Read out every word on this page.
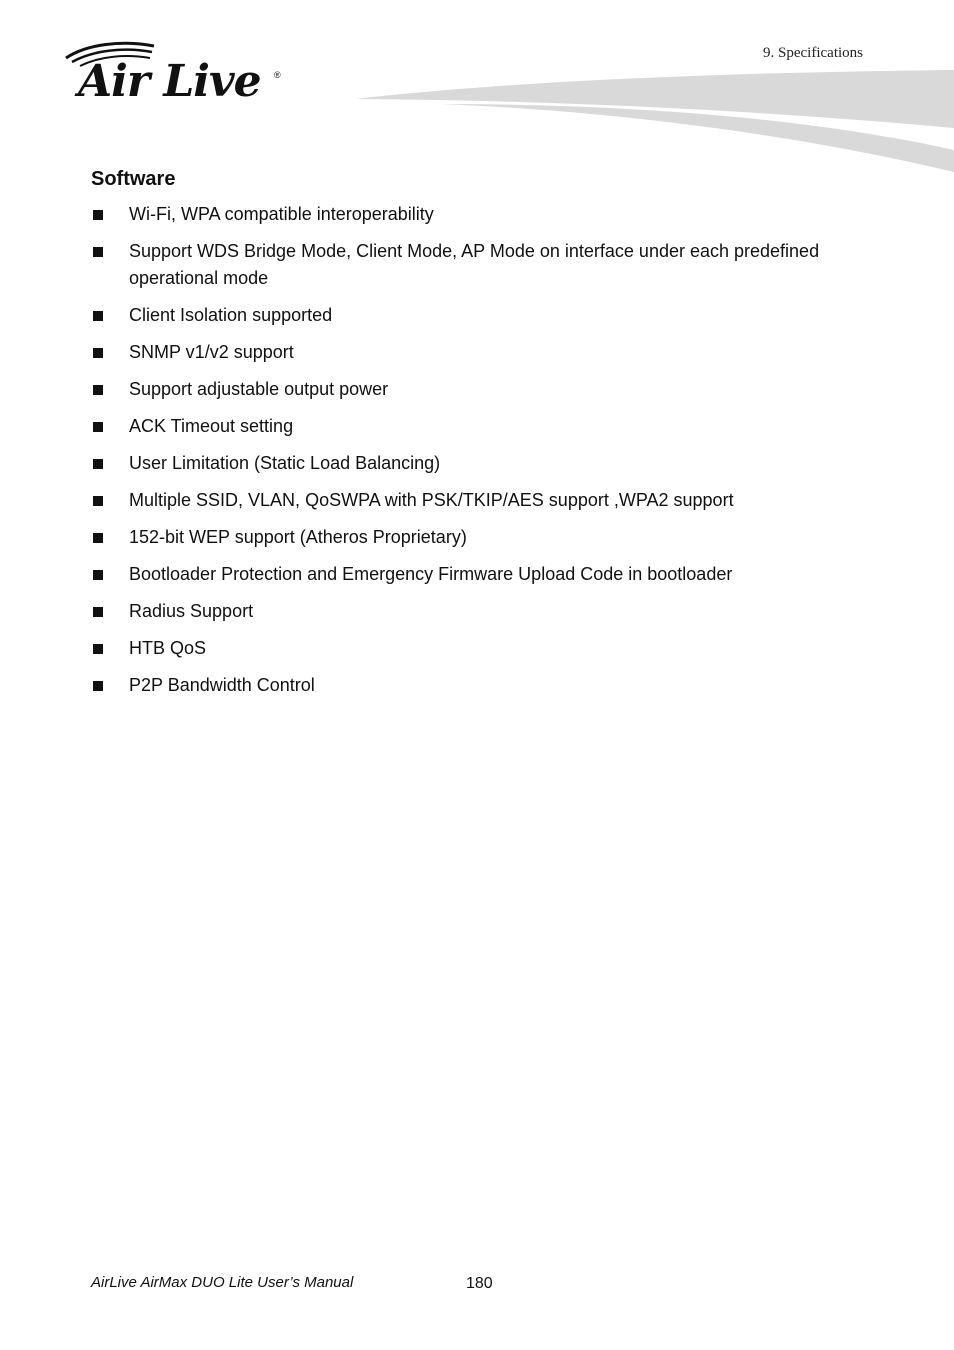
Air Live ®
9. Specifications
Software
Wi-Fi, WPA compatible interoperability
Support WDS Bridge Mode, Client Mode, AP Mode on interface under each predefined operational mode
Client Isolation supported
SNMP v1/v2 support
Support adjustable output power
ACK Timeout setting
User Limitation (Static Load Balancing)
Multiple SSID, VLAN, QoSWPA with PSK/TKIP/AES support ,WPA2 support
152-bit WEP support (Atheros Proprietary)
Bootloader Protection and Emergency Firmware Upload Code in bootloader
Radius Support
HTB QoS
P2P Bandwidth Control
AirLive AirMax DUO Lite User’s Manual	180
